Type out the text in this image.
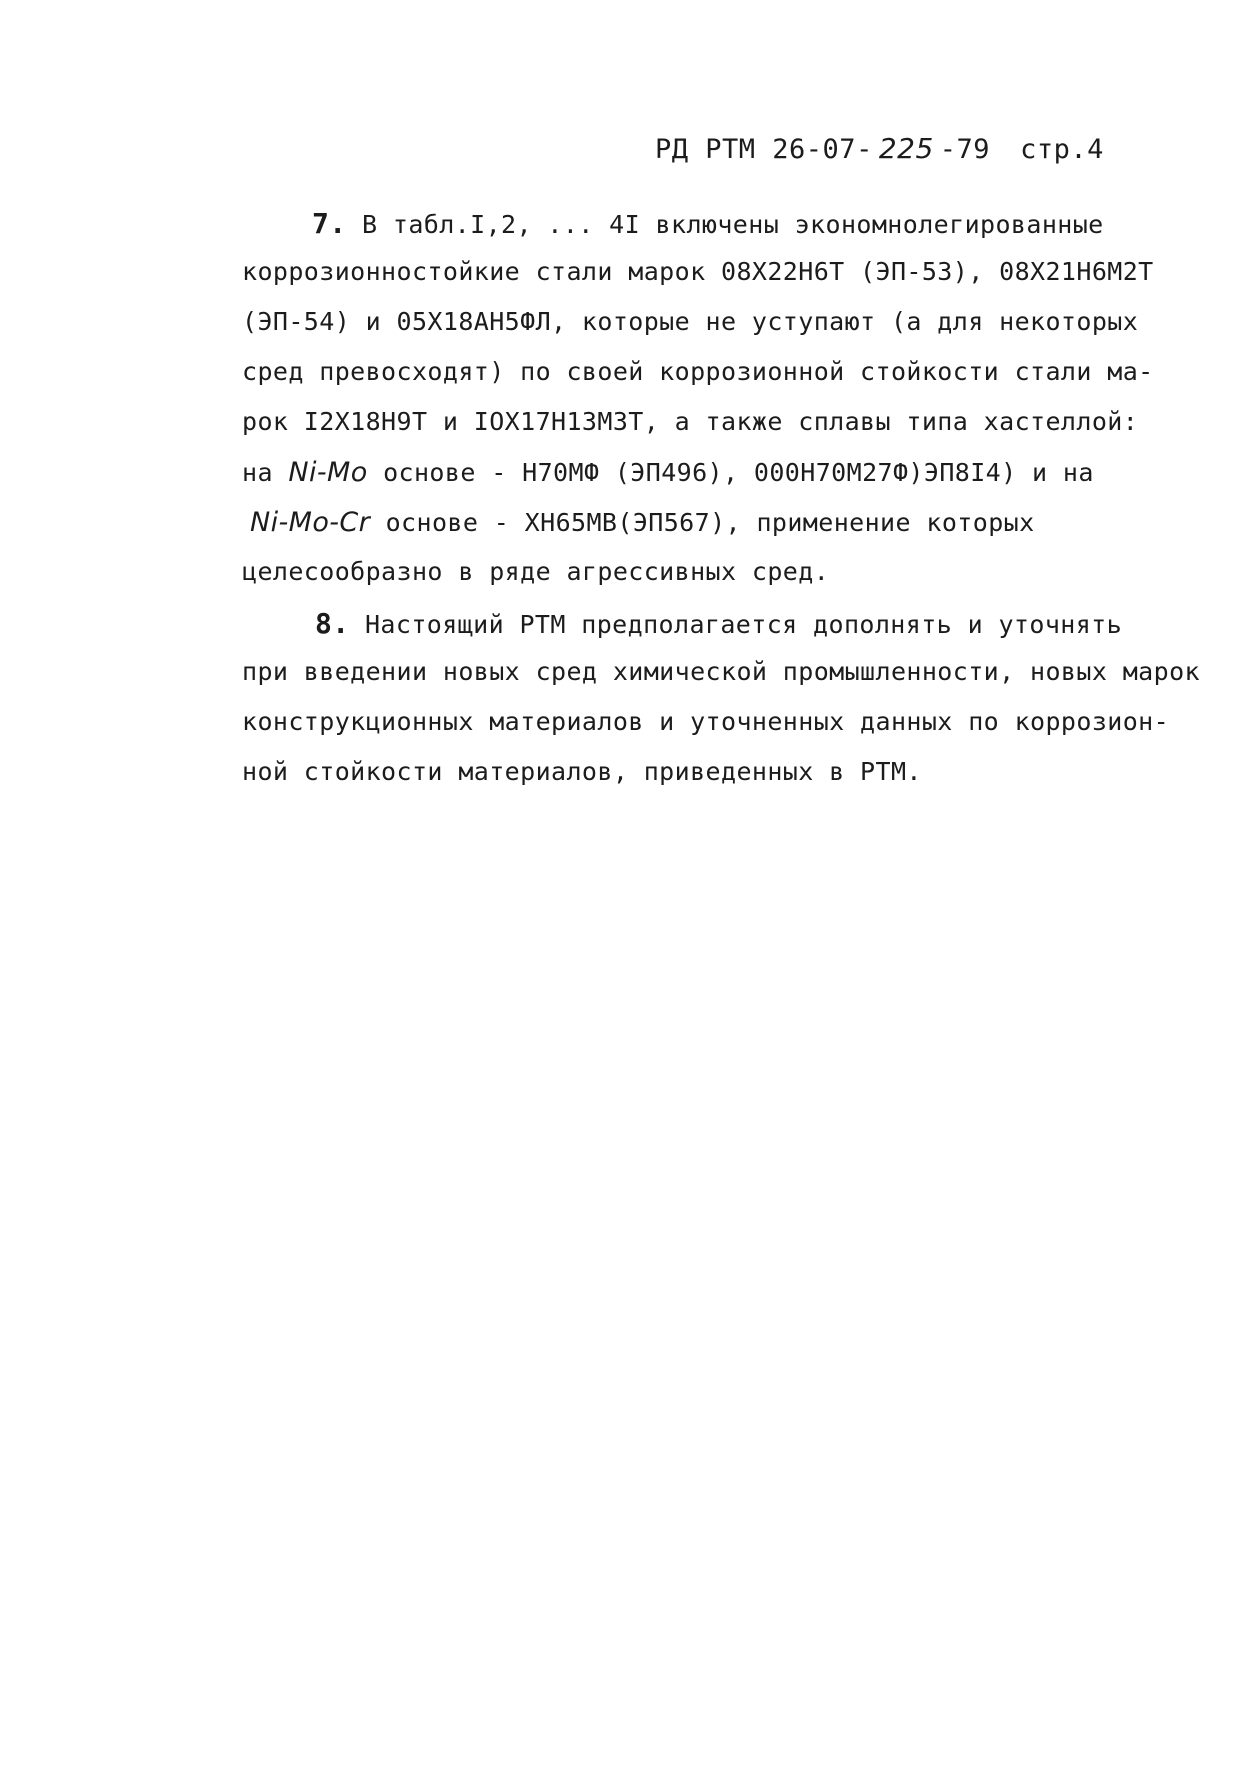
РД РТМ 26-07- 225 -79 стр.4
7. В табл.I,2, ... 4I включены экономнолегированные
коррозионностойкие стали марок 08Х22Н6Т (ЭП-53), 08Х21Н6М2Т
(ЭП-54) и 05Х18АН5ФЛ, которые не уступают (а для некоторых
сред превосходят) по своей коррозионной стойкости стали ма-
рок I2Х18Н9Т и IOХ17Н13М3Т, а также сплавы типа хастеллой:
на Ni-Mo основе - Н70МФ (ЭП496), 000Н70М27Ф)ЭП8I4) и на
Ni-Mo-Cr основе - ХН65МВ(ЭП567), применение которых
целесообразно в ряде агрессивных сред.
8. Настоящий РТМ предполагается дополнять и уточнять
при введении новых сред химической промышленности, новых марок
конструкционных материалов и уточненных данных по коррозион-
ной стойкости материалов, приведенных в РТМ.
